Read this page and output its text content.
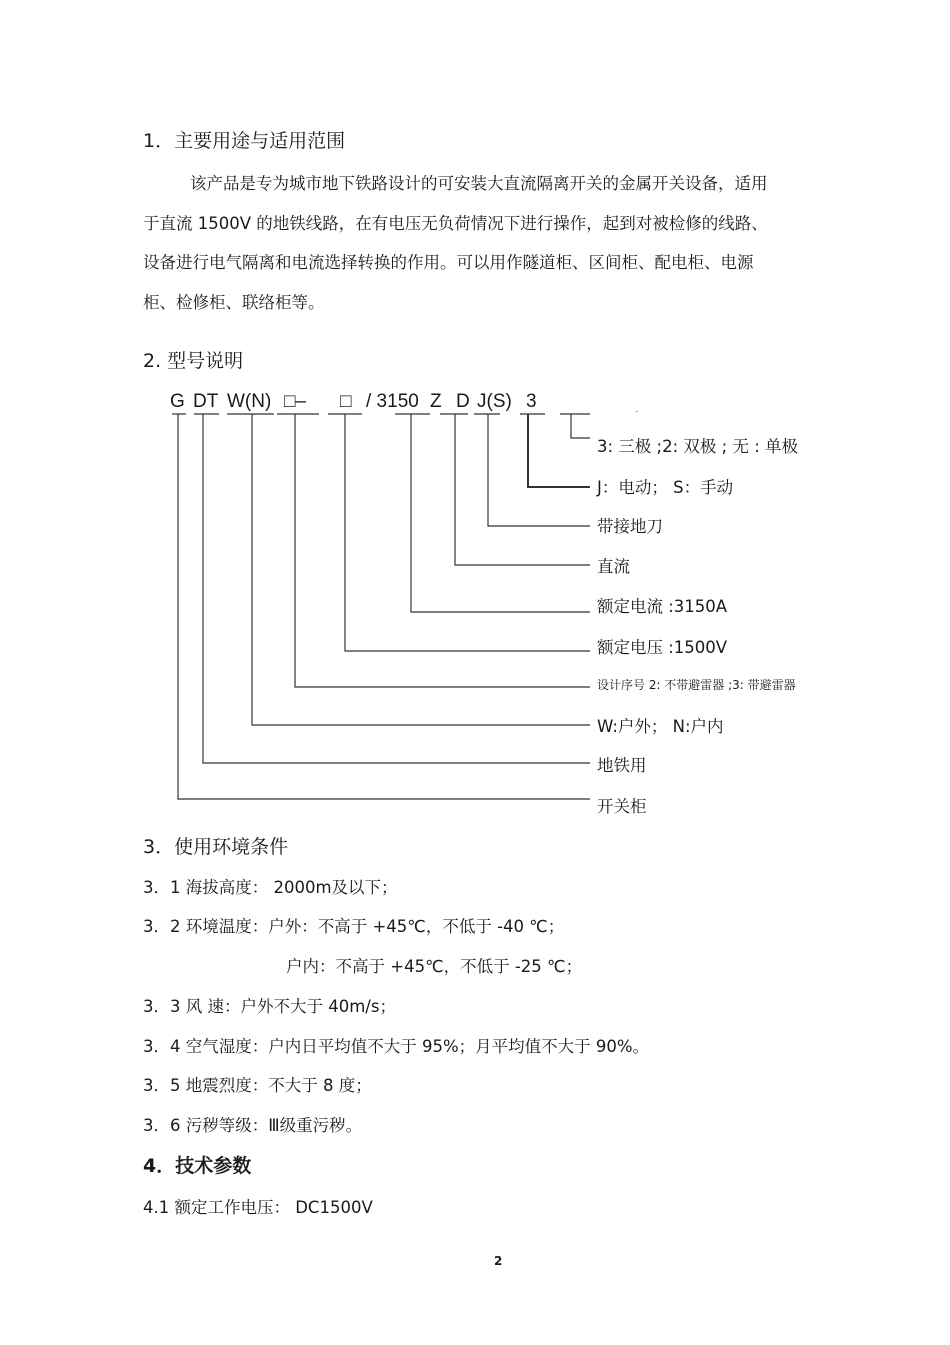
1．主要用途与适用范围
该产品是专为城市地下铁路设计的可安装大直流隔离开关的金属开关设备，适用
于直流 1500V 的地铁线路，在有电压无负荷情况下进行操作，起到对被检修的线路、
设备进行电气隔离和电流选择转换的作用。可以用作隧道柜、区间柜、配电柜、电源
柜、检修柜、联络柜等。
2. 型号说明
G DT W(N) □– □ / 3150 Z D J(S) 3
3: 三极 ;2: 双极 ; 无 : 单极
J：电动； S：手动
带接地刀
直流
额定电流 :3150A
额定电压 :1500V
设计序号 2: 不带避雷器 ;3: 带避雷器
W:户外； N:户内
地铁用
开关柜
3．使用环境条件
3．1 海拔高度： 2000m及以下；
3．2 环境温度：户外：不高于 +45℃，不低于 -40 ℃；
户内：不高于 +45℃，不低于 -25 ℃；
3．3 风 速：户外不大于 40m/s；
3．4 空气湿度：户内日平均值不大于 95%；月平均值不大于 90%。
3．5 地震烈度：不大于 8 度；
3．6 污秽等级：Ⅲ级重污秽。
4．技术参数
4.1 额定工作电压： DC1500V
2
